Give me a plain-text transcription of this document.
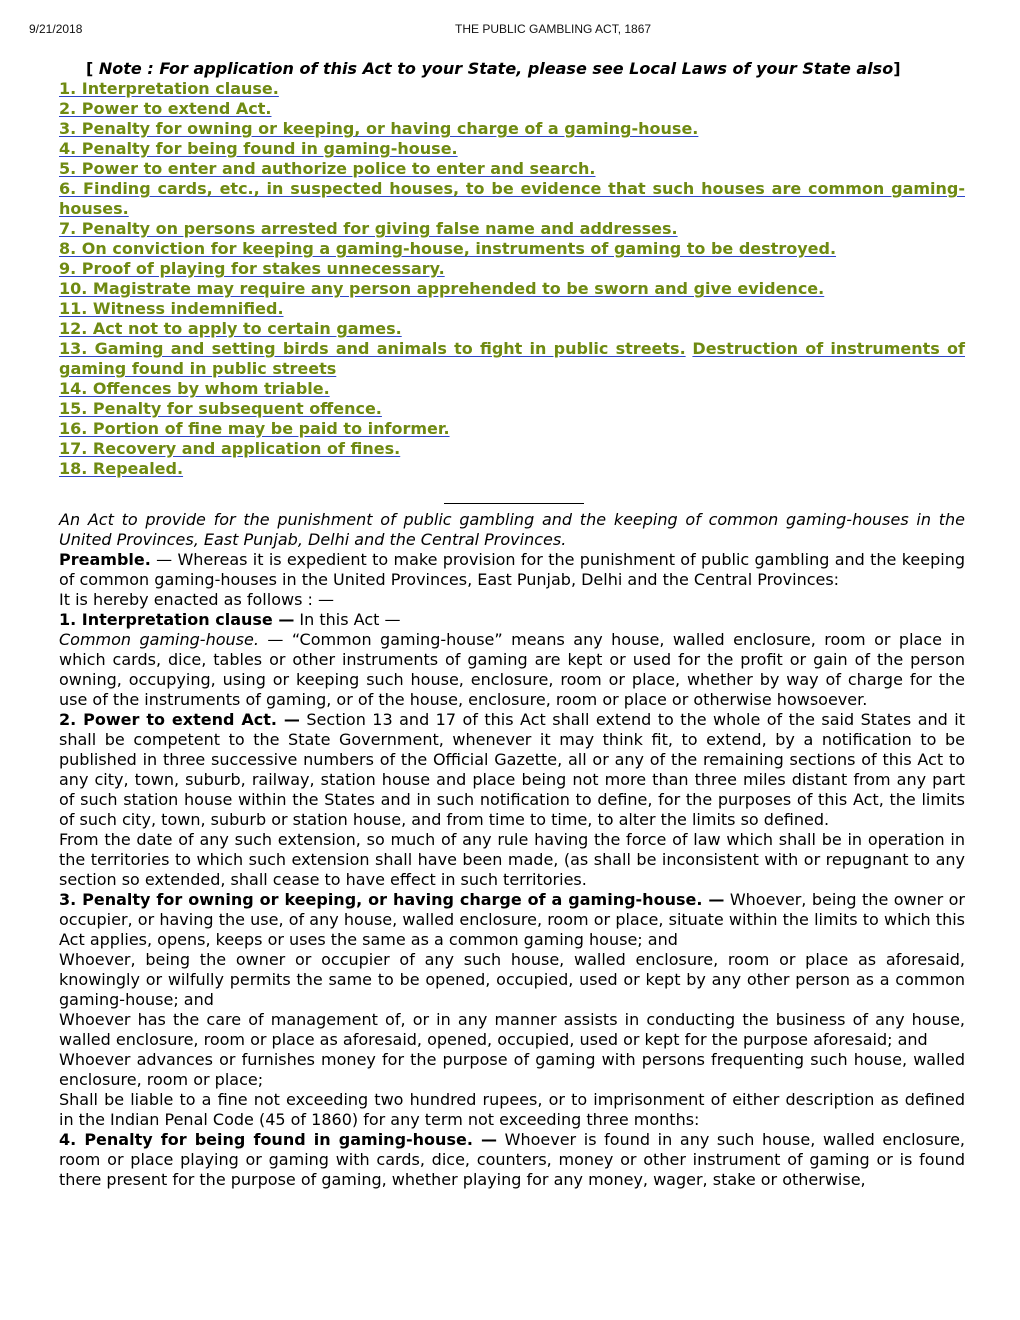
9/21/2018	THE PUBLIC GAMBLING ACT, 1867
[ Note : For application of this Act to your State, please see Local Laws of your State also]
1. Interpretation clause.
2. Power to extend Act.
3. Penalty for owning or keeping, or having charge of a gaming-house.
4. Penalty for being found in gaming-house.
5. Power to enter and authorize police to enter and search.
6. Finding cards, etc., in suspected houses, to be evidence that such houses are common gaming-houses.
7. Penalty on persons arrested for giving false name and addresses.
8. On conviction for keeping a gaming-house, instruments of gaming to be destroyed.
9. Proof of playing for stakes unnecessary.
10. Magistrate may require any person apprehended to be sworn and give evidence.
11. Witness indemnified.
12. Act not to apply to certain games.
13. Gaming and setting birds and animals to fight in public streets. Destruction of instruments of gaming found in public streets
14. Offences by whom triable.
15. Penalty for subsequent offence.
16. Portion of fine may be paid to informer.
17. Recovery and application of fines.
18. Repealed.

An Act to provide for the punishment of public gambling and the keeping of common gaming-houses in the United Provinces, East Punjab, Delhi and the Central Provinces.

Preamble. — Whereas it is expedient to make provision for the punishment of public gambling and the keeping of common gaming-houses in the United Provinces, East Punjab, Delhi and the Central Provinces:

It is hereby enacted as follows : —

1. Interpretation clause — In this Act —

Common gaming-house. — “Common gaming-house” means any house, walled enclosure, room or place in which cards, dice, tables or other instruments of gaming are kept or used for the profit or gain of the person owning, occupying, using or keeping such house, enclosure, room or place, whether by way of charge for the use of the instruments of gaming, or of the house, enclosure, room or place or otherwise howsoever.

2. Power to extend Act. — Section 13 and 17 of this Act shall extend to the whole of the said States and it shall be competent to the State Government, whenever it may think fit, to extend, by a notification to be published in three successive numbers of the Official Gazette, all or any of the remaining sections of this Act to any city, town, suburb, railway, station house and place being not more than three miles distant from any part of such station house within the States and in such notification to define, for the purposes of this Act, the limits of such city, town, suburb or station house, and from time to time, to alter the limits so defined.

From the date of any such extension, so much of any rule having the force of law which shall be in operation in the territories to which such extension shall have been made, (as shall be inconsistent with or repugnant to any section so extended, shall cease to have effect in such territories.

3. Penalty for owning or keeping, or having charge of a gaming-house. — Whoever, being the owner or occupier, or having the use, of any house, walled enclosure, room or place, situate within the limits to which this Act applies, opens, keeps or uses the same as a common gaming house; and

Whoever, being the owner or occupier of any such house, walled enclosure, room or place as aforesaid, knowingly or wilfully permits the same to be opened, occupied, used or kept by any other person as a common gaming-house; and

Whoever has the care of management of, or in any manner assists in conducting the business of any house, walled enclosure, room or place as aforesaid, opened, occupied, used or kept for the purpose aforesaid; and

Whoever advances or furnishes money for the purpose of gaming with persons frequenting such house, walled enclosure, room or place;

Shall be liable to a fine not exceeding two hundred rupees, or to imprisonment of either description as defined in the Indian Penal Code (45 of 1860) for any term not exceeding three months:

4. Penalty for being found in gaming-house. — Whoever is found in any such house, walled enclosure, room or place playing or gaming with cards, dice, counters, money or other instrument of gaming or is found there present for the purpose of gaming, whether playing for any money, wager, stake or otherwise,
